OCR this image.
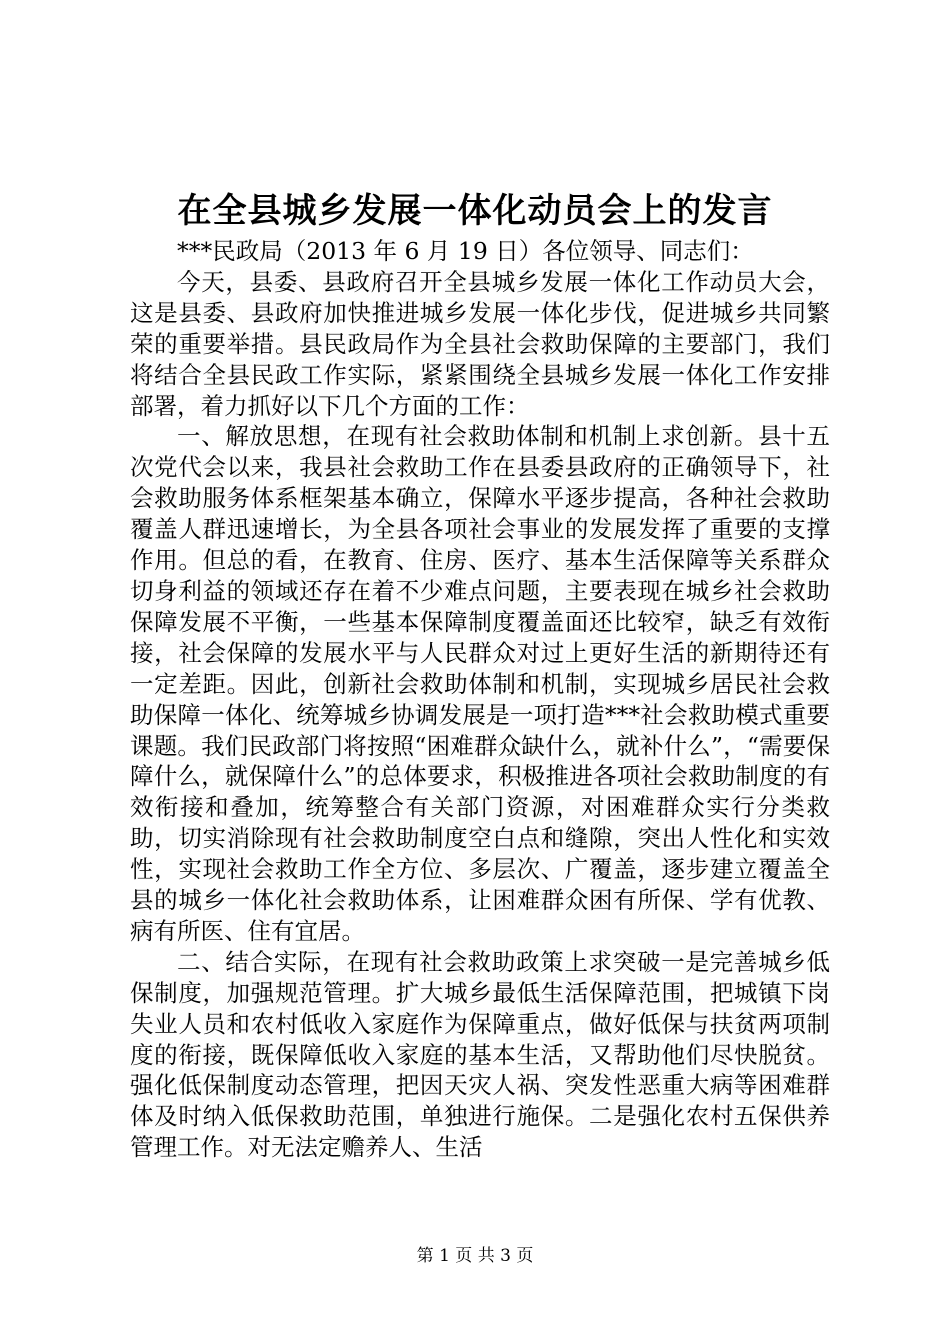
在全县城乡发展一体化动员会上的发言

***民政局（2013 年 6 月 19 日）各位领导、同志们：

今天，县委、县政府召开全县城乡发展一体化工作动员大会，这是县委、县政府加快推进城乡发展一体化步伐，促进城乡共同繁荣的重要举措。县民政局作为全县社会救助保障的主要部门，我们将结合全县民政工作实际，紧紧围绕全县城乡发展一体化工作安排部署，着力抓好以下几个方面的工作：

一、解放思想，在现有社会救助体制和机制上求创新。县十五次党代会以来，我县社会救助工作在县委县政府的正确领导下，社会救助服务体系框架基本确立，保障水平逐步提高，各种社会救助覆盖人群迅速增长，为全县各项社会事业的发展发挥了重要的支撑作用。但总的看，在教育、住房、医疗、基本生活保障等关系群众切身利益的领域还存在着不少难点问题，主要表现在城乡社会救助保障发展不平衡，一些基本保障制度覆盖面还比较窄，缺乏有效衔接，社会保障的发展水平与人民群众对过上更好生活的新期待还有一定差距。因此，创新社会救助体制和机制，实现城乡居民社会救助保障一体化、统筹城乡协调发展是一项打造***社会救助模式重要课题。我们民政部门将按照“困难群众缺什么，就补什么”，“需要保障什么，就保障什么”的总体要求，积极推进各项社会救助制度的有效衔接和叠加，统筹整合有关部门资源，对困难群众实行分类救助，切实消除现有社会救助制度空白点和缝隙，突出人性化和实效性，实现社会救助工作全方位、多层次、广覆盖，逐步建立覆盖全县的城乡一体化社会救助体系，让困难群众困有所保、学有优教、病有所医、住有宜居。

二、结合实际，在现有社会救助政策上求突破一是完善城乡低保制度，加强规范管理。扩大城乡最低生活保障范围，把城镇下岗失业人员和农村低收入家庭作为保障重点，做好低保与扶贫两项制度的衔接，既保障低收入家庭的基本生活，又帮助他们尽快脱贫。强化低保制度动态管理，把因天灾人祸、突发性恶重大病等困难群体及时纳入低保救助范围，单独进行施保。二是强化农村五保供养管理工作。对无法定赡养人、生活

第 1 页 共 3 页
